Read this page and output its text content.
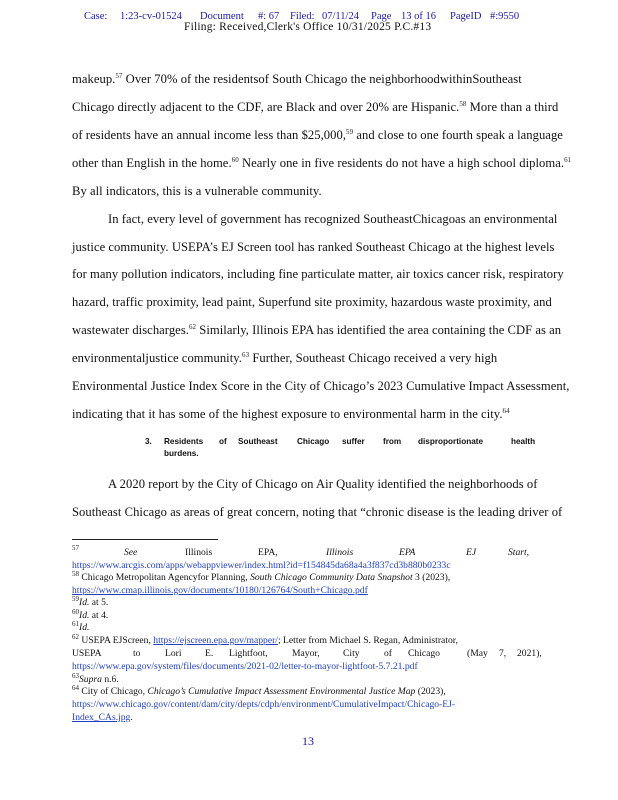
Case: 1:23-cv-01524 Document #: 67 Filed: 07/11/24 Page 13 of 16 PageID #:9550
Filing: Received,Clerk's Office 10/31/2025 P.C.#13
makeup.$^{57}$ Over 70% of the residentsof South Chicago the neighborhoodwithinSoutheast
Chicago directly adjacent to the CDF, are Black and over 20% are Hispanic.$^{58}$ More than a third
of residents have an annual income less than $25,000,59 and close to one fourth speak a language
other than English in the home.$^{60}$ Nearly one in five residents do not have a high school diploma.$^{61}$
By all indicators, this is a vulnerable community.
In fact, every level of government has recognized SoutheastChicagoas an environmental
justice community. USEPA’s EJ Screen tool has ranked Southeast Chicago at the highest levels
for many pollution indicators, including fine particulate matter, air toxics cancer risk, respiratory
hazard, traffic proximity, lead paint, Superfund site proximity, hazardous waste proximity, and
wastewater discharges.$^{62}$ Similarly, Illinois EPA has identified the area containing the CDF as an
environmentaljustice community.$^{63}$ Further, Southeast Chicago received a very high
Environmental Justice Index Score in the City of Chicago’s 2023 Cumulative Impact Assessment,
indicating that it has some of the highest exposure to environmental harm in the city.$^{64}$
3. Residents of Southeast Chicago suffer from disproportionate	health
burdens.
A 2020 report by the City of Chicago on Air Quality identified the neighborhoods of
Southeast Chicago as areas of great concern, noting that “chronic disease is the leading driver of
$^{57}$	See	Illinois	EPA,	Illinois	EPA	EJ	Start,
https://www.arcgis.com/apps/webappviewer/index.html?id=f154845da68a4a3f837cd3b880b0233c
$^{58}$ Chicago Metropolitan Agencyfor Planning, South Chicago Community Data Snapshot 3 (2023),
https://www.cmap.illinois.gov/documents/10180/126764/South+Chicago.pdf
$^{59}$Id. at 5.
$^{60}$Id. at 4.
$^{61}$Id.
$^{62}$ USEPA EJScreen, https://ejscreen.epa.gov/mapper/; Letter from Michael S. Regan, Administrator,
USEPA	to	Lori E. Lightfoot,	Mayor, City	of Chicago	(May 7, 2021),
https://www.epa.gov/system/files/documents/2021-02/letter-to-mayor-lightfoot-5.7.21.pdf
$^{63}$Supra n.6.
$^{64}$ City of Chicago, Chicago’s Cumulative Impact Assessment Environmental Justice Map (2023),
https://www.chicago.gov/content/dam/city/depts/cdph/environment/CumulativeImpact/Chicago-EJ-
Index_CAs.jpg.
13
